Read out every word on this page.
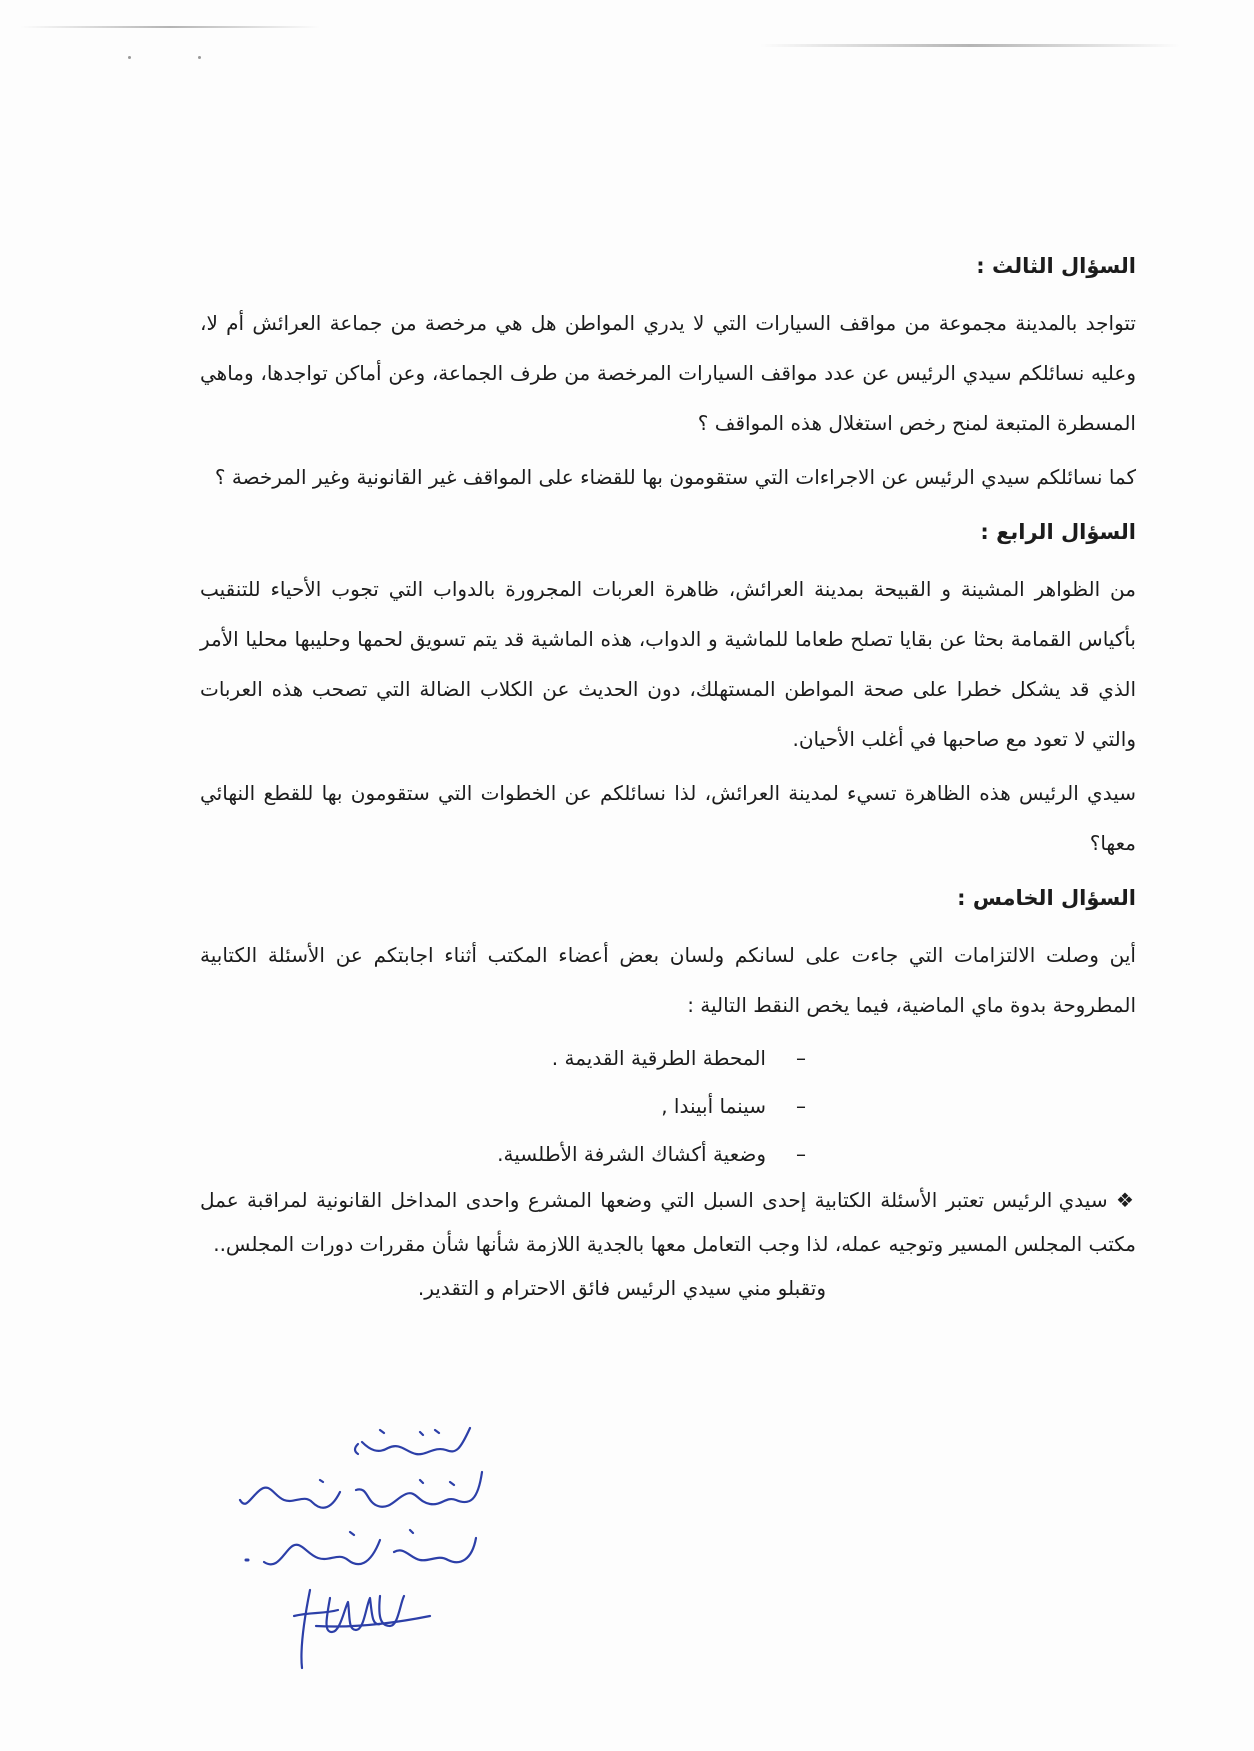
السؤال الثالث :

تتواجد بالمدينة مجموعة من مواقف السيارات التي لا يدري المواطن هل هي مرخصة من جماعة العرائش أم لا، وعليه نسائلكم سيدي الرئيس عن عدد مواقف السيارات المرخصة من طرف الجماعة، وعن أماكن تواجدها، وماهي المسطرة المتبعة لمنح رخص استغلال هذه المواقف ؟

كما نسائلكم سيدي الرئيس عن الاجراءات التي ستقومون بها للقضاء على المواقف غير القانونية وغير المرخصة ؟

السؤال الرابع :

من الظواهر المشينة و القبيحة بمدينة العرائش، ظاهرة العربات المجرورة بالدواب التي تجوب الأحياء للتنقيب بأكياس القمامة بحثا عن بقايا تصلح طعاما للماشية و الدواب، هذه الماشية قد يتم تسويق لحمها وحليبها محليا الأمر الذي قد يشكل خطرا على صحة المواطن المستهلك، دون الحديث عن الكلاب الضالة التي تصحب هذه العربات والتي لا تعود مع صاحبها في أغلب الأحيان.

سيدي الرئيس هذه الظاهرة تسيء لمدينة العرائش، لذا نسائلكم عن الخطوات التي ستقومون بها للقطع النهائي معها؟

السؤال الخامس :

أين وصلت الالتزامات التي جاءت على لسانكم ولسان بعض أعضاء المكتب أثناء اجابتكم عن الأسئلة الكتابية المطروحة بدوة ماي الماضية، فيما يخص النقط التالية :

–المحطة الطرقية القديمة .
–سينما أبيندا ,
–وضعية أكشاك الشرفة الأطلسية.

❖ سيدي الرئيس تعتبر الأسئلة الكتابية إحدى السبل التي وضعها المشرع واحدى المداخل القانونية لمراقبة عمل مكتب المجلس المسير وتوجيه عمله، لذا وجب التعامل معها بالجدية اللازمة شأنها شأن مقررات دورات المجلس..

وتقبلو مني سيدي الرئيس فائق الاحترام و التقدير.
